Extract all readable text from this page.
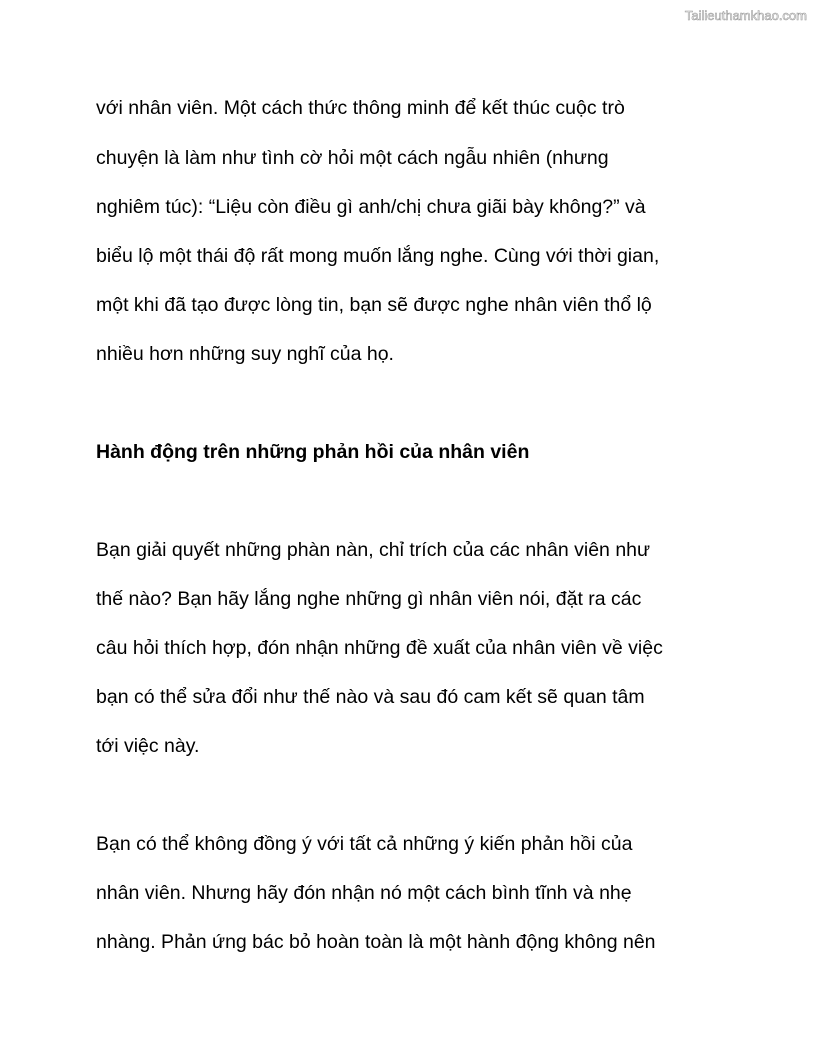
Tailieuthamkhao.com
với nhân viên. Một cách thức thông minh để kết thúc cuộc trò
chuyện là làm như tình cờ hỏi một cách ngẫu nhiên (nhưng
nghiêm túc): “Liệu còn điều gì anh/chị chưa giãi bày không?” và
biểu lộ một thái độ rất mong muốn lắng nghe. Cùng với thời gian,
một khi đã tạo được lòng tin, bạn sẽ được nghe nhân viên thổ lộ
nhiều hơn những suy nghĩ của họ.
Hành động trên những phản hồi của nhân viên
Bạn giải quyết những phàn nàn, chỉ trích của các nhân viên như
thế nào? Bạn hãy lắng nghe những gì nhân viên nói, đặt ra các
câu hỏi thích hợp, đón nhận những đề xuất của nhân viên về việc
bạn có thể sửa đổi như thế nào và sau đó cam kết sẽ quan tâm
tới việc này.
Bạn có thể không đồng ý với tất cả những ý kiến phản hồi của
nhân viên. Nhưng hãy đón nhận nó một cách bình tĩnh và nhẹ
nhàng. Phản ứng bác bỏ hoàn toàn là một hành động không nên
